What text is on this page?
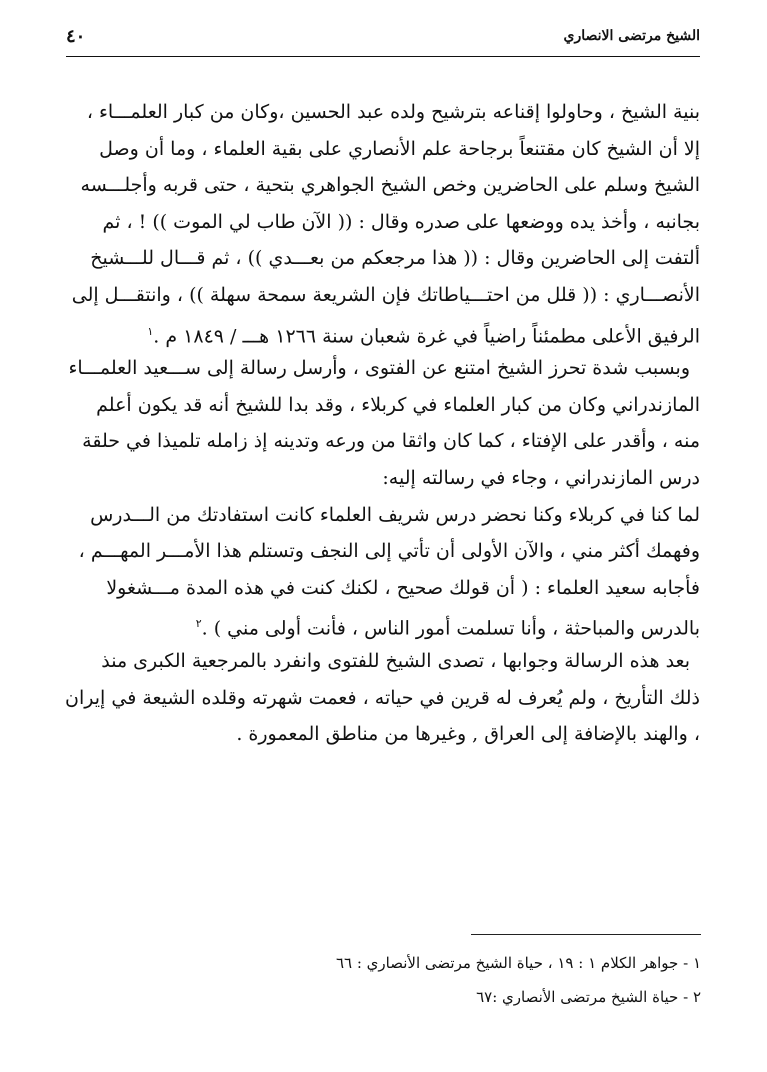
الشيخ مرتضى الانصاري
٤٠
بنية الشيخ ، وحاولوا إقناعه بترشيح ولده عبد الحسين ،وكان من كبار العلمـــاء ،
إلا أن الشيخ كان مقتنعاً برجاحة علم الأنصاري على بقية العلماء ، وما أن وصل
الشيخ وسلم على الحاضرين وخص الشيخ الجواهري بتحية ، حتى قربه وأجلـــسه
بجانبه ، وأخذ يده ووضعها على صدره وقال : (( الآن طاب لي الموت )) ! ، ثم
ألتفت إلى الحاضرين وقال : (( هذا مرجعكم من بعـــدي )) ، ثم قـــال للـــشيخ
الأنصـــاري : (( قلل من احتـــياطاتك فإن الشريعة سمحة سهلة )) ، وانتقـــل إلى
الرفيق الأعلى مطمئناً راضياً في غرة شعبان سنة ١٢٦٦ هـــ / ١٨٤٩ م .$^١$
وبسبب شدة تحرز الشيخ امتنع عن الفتوى ، وأرسل رسالة إلى ســـعيد العلمـــاء
المازندراني وكان من كبار العلماء في كربلاء ، وقد بدا للشيخ أنه قد يكون أعلم
منه ، وأقدر على الإفتاء ، كما كان واثقا من ورعه وتدينه إذ زامله تلميذا في حلقة
درس المازندراني ، وجاء في رسالته إليه:
لما كنا في كربلاء وكنا نحضر درس شريف العلماء كانت استفادتك من الـــدرس
وفهمك أكثر مني ، والآن الأولى أن تأتي إلى النجف وتستلم هذا الأمـــر المهـــم ،
فأجابه سعيد العلماء : ( أن قولك صحيح ، لكنك كنت في هذه المدة مـــشغولا
بالدرس والمباحثة ، وأنا تسلمت أمور الناس ، فأنت أولى مني ) .$^٢$
بعد هذه الرسالة وجوابها ، تصدى الشيخ للفتوى وانفرد بالمرجعية الكبرى منذ
ذلك التأريخ ، ولم يُعرف له قرين في حياته ، فعمت شهرته وقلده الشيعة في إيران
، والهند بالإضافة إلى العراق , وغيرها من مناطق المعمورة .
١ - جواهر الكلام ١ : ١٩ ، حياة الشيخ مرتضى الأنصاري : ٦٦
٢ - حياة الشيخ مرتضى الأنصاري :٦٧
